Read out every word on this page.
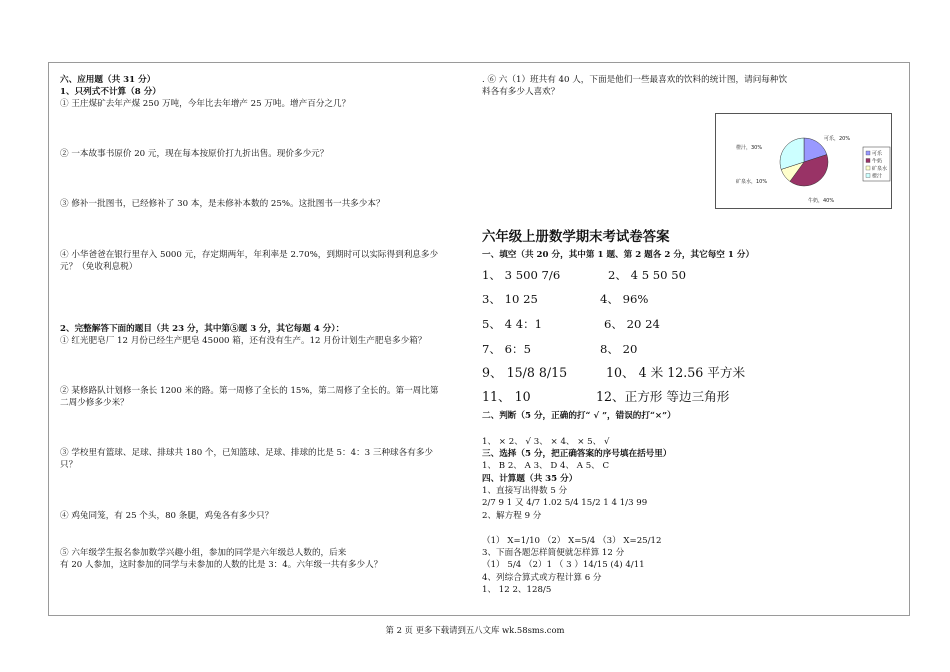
六、应用题（共 31 分）
1、只列式不计算（8 分）
① 王庄煤矿去年产煤 250 万吨，今年比去年增产 25 万吨。增产百分之几？
② 一本故事书原价 20 元，现在每本按原价打九折出售。现价多少元？
③ 修补一批图书，已经修补了 30 本，是未修补本数的 25%。这批图书一共多少本？
④ 小华爸爸在银行里存入 5000 元，存定期两年，年利率是 2.70%，到期时可以实际得到利息多少
元？（免收利息税）
2、完整解答下面的题目（共 23 分，其中第⑤题 3 分，其它每题 4 分）：
① 红光肥皂厂 12 月份已经生产肥皂 45000 箱，还有没有生产。12 月份计划生产肥皂多少箱？
② 某修路队计划修一条长 1200 米的路。第一周修了全长的 15%，第二周修了全长的。第一周比第
二周少修多少米？
③ 学校里有篮球、足球、排球共 180 个，已知篮球、足球、排球的比是 5：4：3 三种球各有多少
只？
④ 鸡兔同笼，有 25 个头，80 条腿，鸡兔各有多少只？
⑤ 六年级学生报名参加数学兴趣小组，参加的同学是六年级总人数的，后来
有 20 人参加，这时参加的同学与未参加的人数的比是 3：4。六年级一共有多少人？
. ⑥ 六（1）班共有 40 人，下面是他们一些最喜欢的饮料的统计图，请问每种饮
料各有多少人喜欢？
可乐，20%
牛奶，40%
矿泉水，10%
橙汁，30%
可乐
牛奶
矿泉水
橙汁
六年级上册数学期末考试卷答案
一、填空（共 20 分，其中第 1 题、第 2 题各 2 分，其它每空 1 分）
1、 3 500 7/6	2、 4 5 50 50
3、 10 25	4、 96%
5、 4 4：1	6、 20 24
7、 6：5	8、 20
9、 15/8 8/15	10、 4 米 12.56 平方米
11、 10	12、正方形 等边三角形
二、判断（5 分，正确的打“ √ ”，错误的打“×”）
1、 × 2、 √ 3、 × 4、 × 5、 √
三、选择（5 分，把正确答案的序号填在括号里）
1、 B 2、 A 3、 D 4、 A 5、 C
四、计算题（共 35 分）
1、直接写出得数 5 分
2/7 9 1 又 4/7 1.02 5/4 15/2 1 4 1/3 99
2、解方程 9 分
（1） X=1/10 （2） X=5/4 （3） X=25/12
3、下面各题怎样简便就怎样算 12 分
（1） 5/4 （2）1 （ 3 ）14/15 (4) 4/11
4、列综合算式或方程计算 6 分
1、 12 2、128/5
第 2 页 更多下载请到五八文库 wk.58sms.com
